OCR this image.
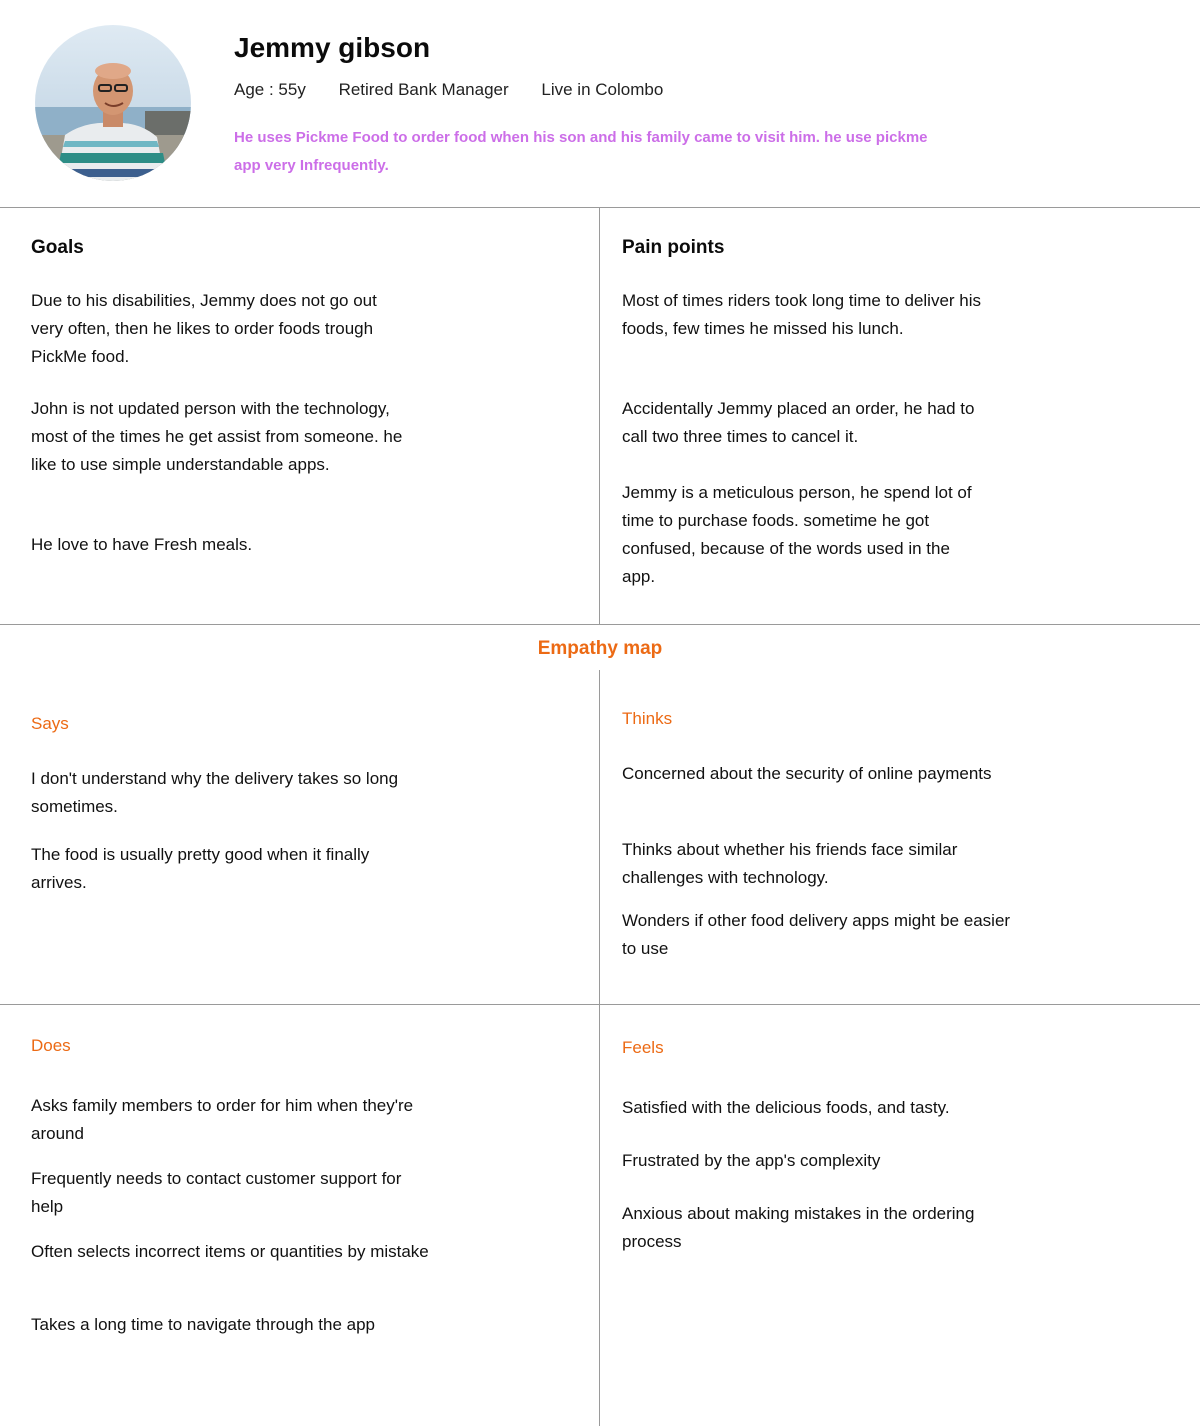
Jemmy gibson
Age : 55y Retired Bank Manager Live in Colombo

He uses Pickme Food to order food when his son and his family came to visit him. he use pickme app very Infrequently.

Goals

Due to his disabilities, Jemmy does not go out very often, then he likes to order foods trough PickMe food.

John is not updated person with the technology, most of the times he get assist from someone. he like to use simple understandable apps.

He love to have Fresh meals.

Pain points

Most of times riders took long time to deliver his foods, few times he missed his lunch.

Accidentally Jemmy placed an order, he had to call two three times to cancel it.

Jemmy is a meticulous person, he spend lot of time to purchase foods. sometime he got confused, because of the words used in the app.

Empathy map
Says

I don't understand why the delivery takes so long sometimes.

The food is usually pretty good when it finally arrives.

Thinks

Concerned about the security of online payments

Thinks about whether his friends face similar challenges with technology.

Wonders if other food delivery apps might be easier to use

Does

Asks family members to order for him when they're around

Frequently needs to contact customer support for help

Often selects incorrect items or quantities by mistake

Takes a long time to navigate through the app

Feels

Satisfied with the delicious foods, and tasty.

Frustrated by the app's complexity

Anxious about making mistakes in the ordering process
